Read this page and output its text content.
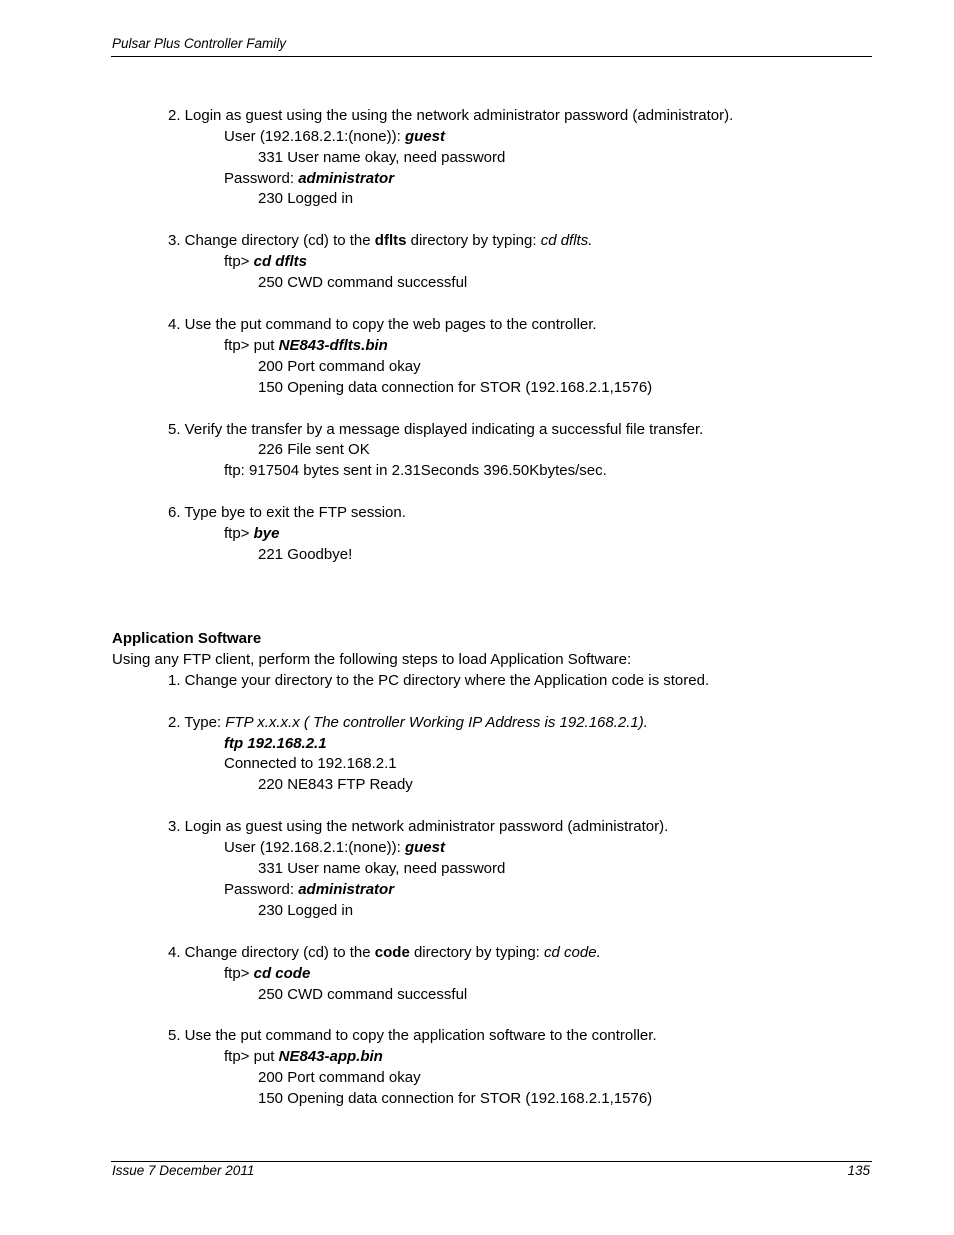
Pulsar Plus Controller Family
2. Login as guest using the using the network administrator password (administrator).
User (192.168.2.1:(none)): guest
331 User name okay, need password
Password: administrator
230 Logged in
3. Change directory (cd) to the dflts directory by typing: cd dflts.
ftp> cd dflts
250 CWD command successful
4. Use the put command to copy the web pages to the controller.
ftp> put NE843-dflts.bin
200 Port command okay
150 Opening data connection for STOR (192.168.2.1,1576)
5. Verify the transfer by a message displayed indicating a successful file transfer.
226 File sent OK
ftp: 917504 bytes sent in 2.31Seconds 396.50Kbytes/sec.
6. Type bye to exit the FTP session.
ftp> bye
221 Goodbye!
Application Software
Using any FTP client, perform the following steps to load Application Software:
1. Change your directory to the PC directory where the Application code is stored.
2. Type: FTP x.x.x.x ( The controller Working IP Address is 192.168.2.1).
ftp 192.168.2.1
Connected to 192.168.2.1
220 NE843 FTP Ready
3. Login as guest using the network administrator password (administrator).
User (192.168.2.1:(none)): guest
331 User name okay, need password
Password: administrator
230 Logged in
4. Change directory (cd) to the code directory by typing: cd code.
ftp> cd code
250 CWD command successful
5. Use the put command to copy the application software to the controller.
ftp> put NE843-app.bin
200 Port command okay
150 Opening data connection for STOR (192.168.2.1,1576)
Issue 7 December 2011	135
